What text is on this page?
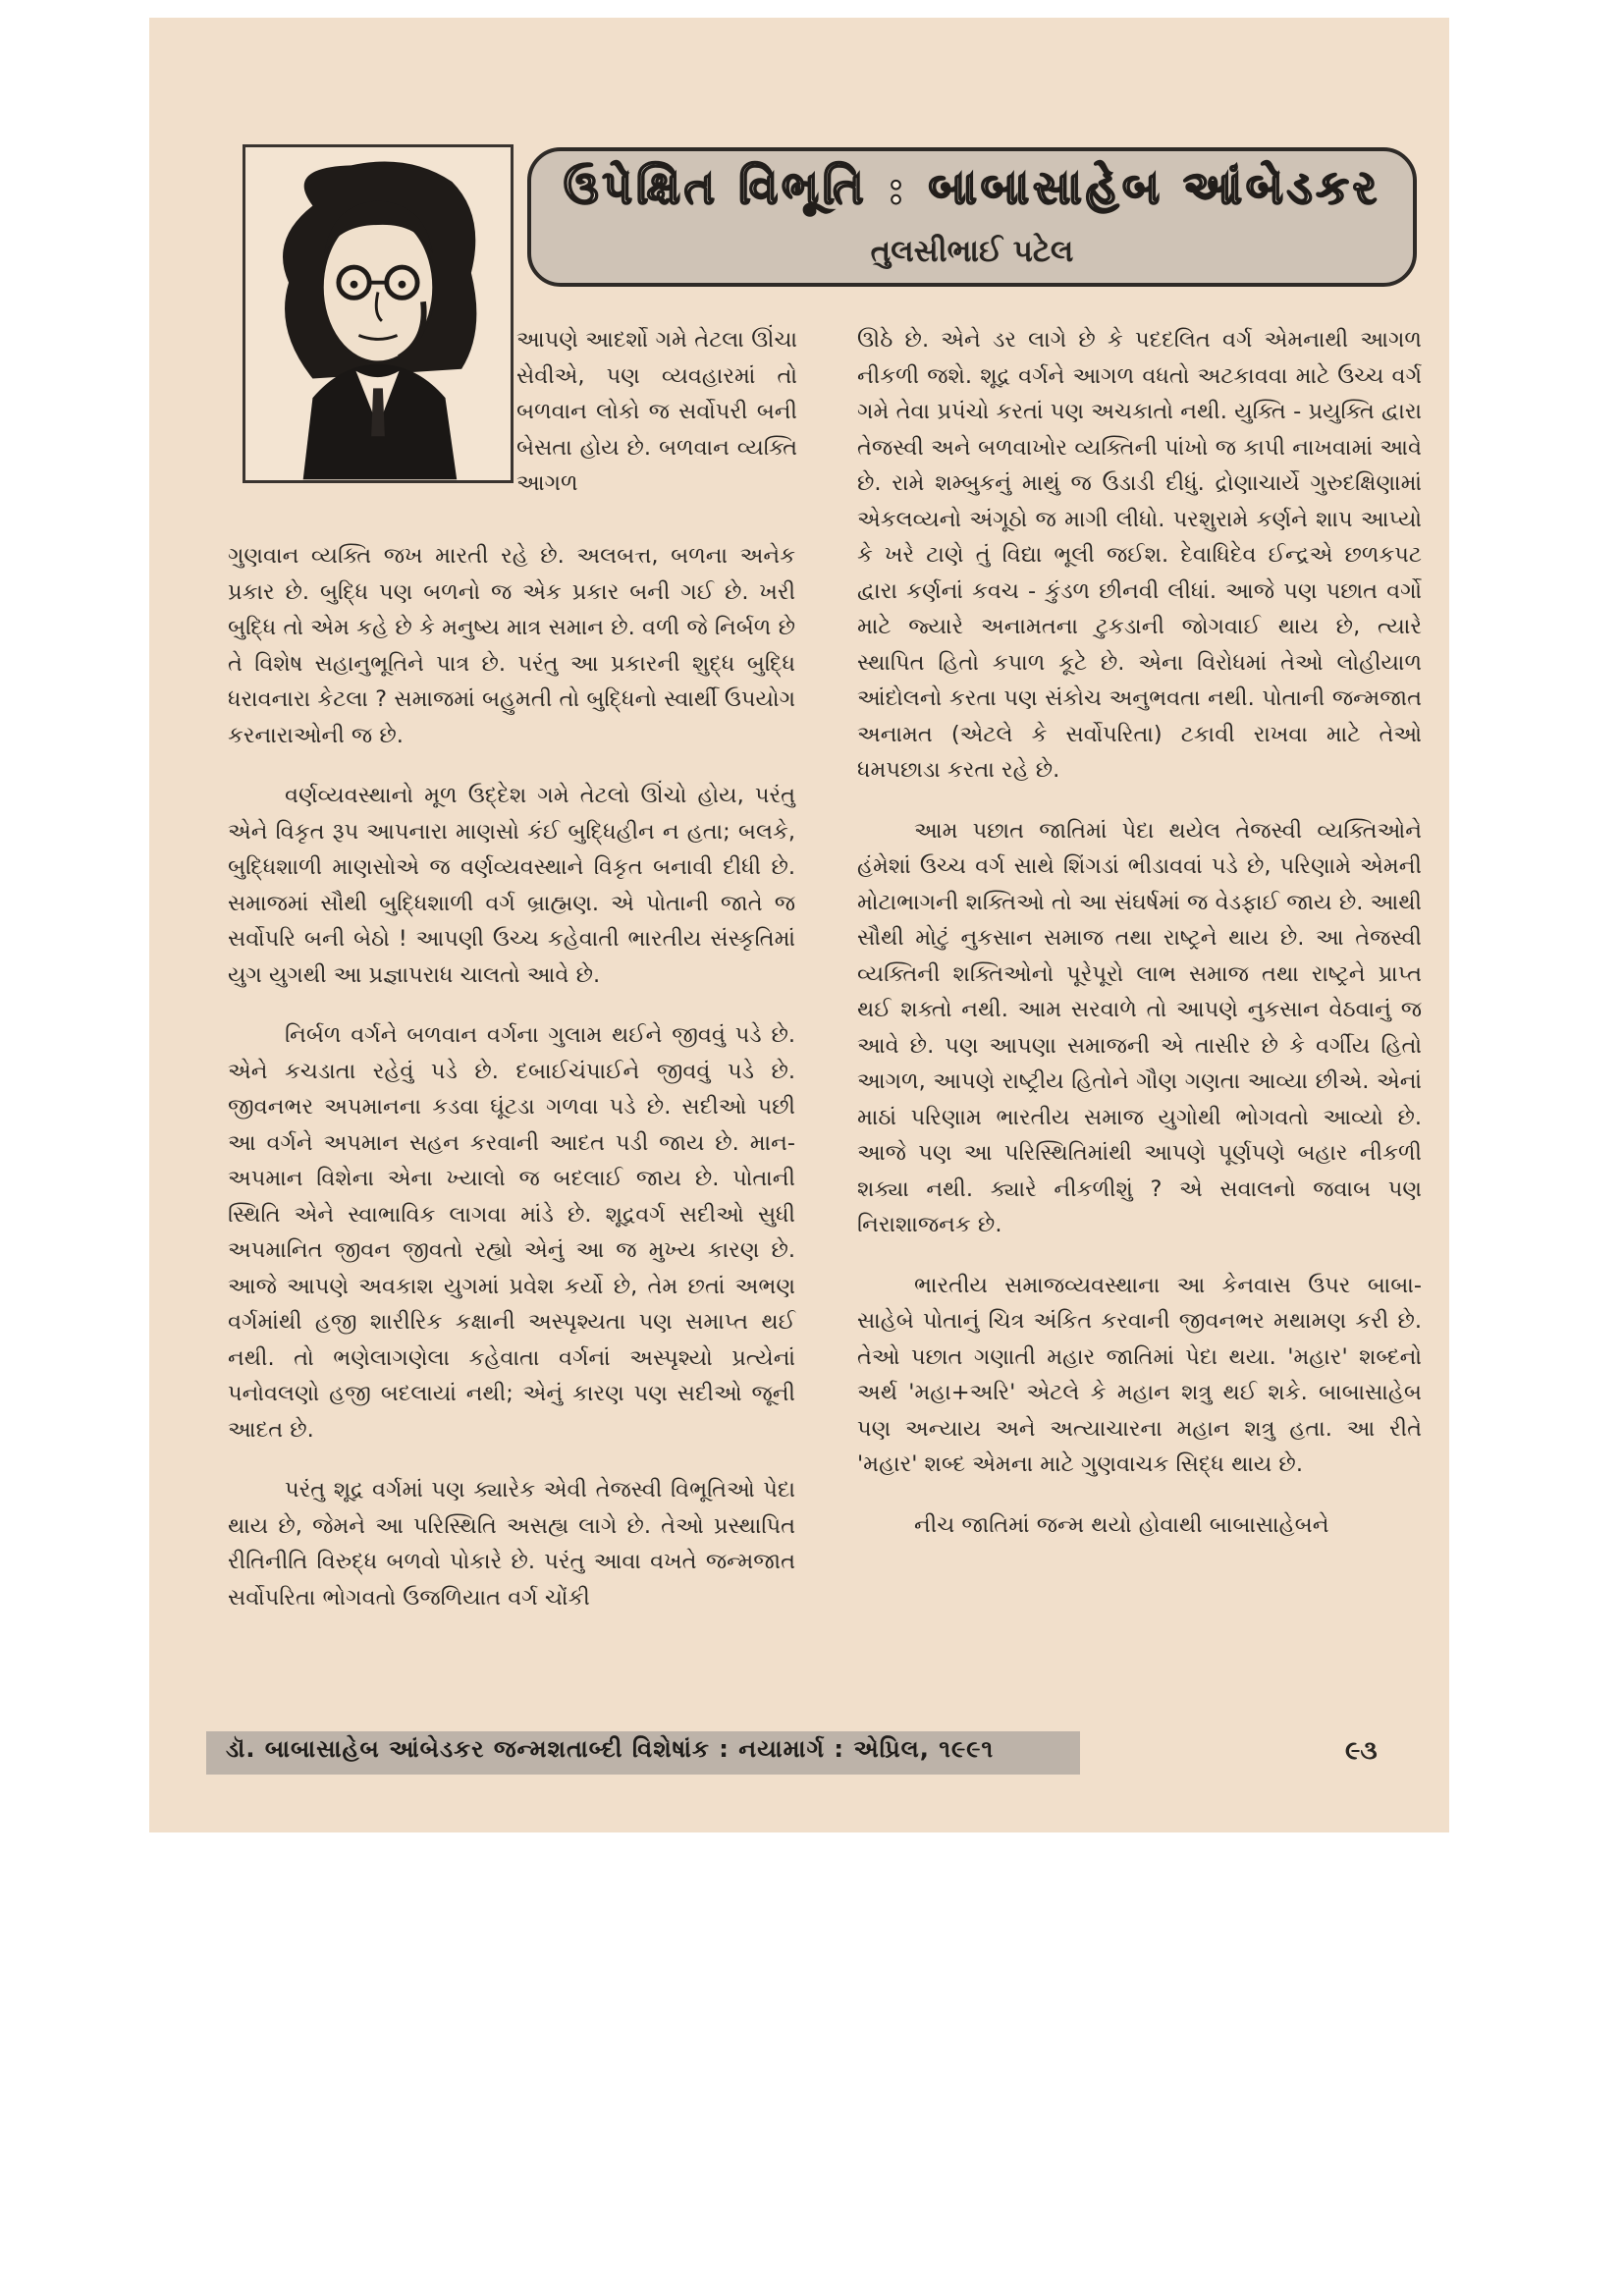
ઉપેક્ષિત વિભૂતિ : બાબાસાહેબ આંબેડકર
તુલસીભાઈ પટેલ
આપણે આદર્શો ગમે તેટલા ઊંચા સેવીએ, પણ વ્યવહારમાં તો બળવાન લોકો જ સર્વોપરી બની બેસતા હોય છે. બળવાન વ્યક્તિ આગળ

ગુણવાન વ્યક્તિ જખ મારતી રહે છે. અલબત્ત, બળના અનેક પ્રકાર છે. બુદ્ધિ પણ બળનો જ એક પ્રકાર બની ગઈ છે. ખરી બુદ્ધિ તો એમ કહે છે કે મનુષ્ય માત્ર સમાન છે. વળી જે નિર્બળ છે તે વિશેષ સહાનુભૂતિને પાત્ર છે. પરંતુ આ પ્રકારની શુદ્ધ બુદ્ધિ ધરાવનારા કેટલા ? સમાજમાં બહુમતી તો બુદ્ધિનો સ્વાર્થી ઉપયોગ કરનારાઓની જ છે.

વર્ણવ્યવસ્થાનો મૂળ ઉદ્દેશ ગમે તેટલો ઊંચો હોય, પરંતુ એને વિકૃત રૂપ આપનારા માણસો કંઈ બુદ્ધિહીન ન હતા; બલકે, બુદ્ધિશાળી માણસોએ જ વર્ણવ્યવસ્થાને વિકૃત બનાવી દીધી છે. સમાજમાં સૌથી બુદ્ધિશાળી વર્ગ બ્રાહ્મણ. એ પોતાની જાતે જ સર્વોપરિ બની બેઠો ! આપણી ઉચ્ચ કહેવાતી ભારતીય સંસ્કૃતિમાં યુગ યુગથી આ પ્રજ્ઞાપરાધ ચાલતો આવે છે.

નિર્બળ વર્ગને બળવાન વર્ગના ગુલામ થઈને જીવવું પડે છે. એને કચડાતા રહેવું પડે છે. દબાઈચંપાઈને જીવવું પડે છે. જીવનભર અપમાનના કડવા ઘૂંટડા ગળવા પડે છે. સદીઓ પછી આ વર્ગને અપમાન સહન કરવાની આદત પડી જાય છે. માન-અપમાન વિશેના એના ખ્યાલો જ બદલાઈ જાય છે. પોતાની સ્થિતિ એને સ્વાભાવિક લાગવા માંડે છે. શૂદ્રવર્ગ સદીઓ સુધી અપમાનિત જીવન જીવતો રહ્યો એનું આ જ મુખ્ય કારણ છે. આજે આપણે અવકાશ યુગમાં પ્રવેશ કર્યો છે, તેમ છતાં અભણ વર્ગમાંથી હજી શારીરિક કક્ષાની અસ્પૃશ્યતા પણ સમાપ્ત થઈ નથી. તો ભણેલાગણેલા કહેવાતા વર્ગનાં અસ્પૃશ્યો પ્રત્યેનાં પનોવલણો હજી બદલાયાં નથી; એનું કારણ પણ સદીઓ જૂની આદત છે.

પરંતુ શૂદ્ર વર્ગમાં પણ ક્યારેક એવી તેજસ્વી વિભૂતિઓ પેદા થાય છે, જેમને આ પરિસ્થિતિ અસહ્ય લાગે છે. તેઓ પ્રસ્થાપિત રીતિનીતિ વિરુદ્ધ બળવો પોકારે છે. પરંતુ આવા વખતે જન્મજાત સર્વોપરિતા ભોગવતો ઉજળિયાત વર્ગ ચોંકી

ઊઠે છે. એને ડર લાગે છે કે પદદલિત વર્ગ એમનાથી આગળ નીકળી જશે. શૂદ્ર વર્ગને આગળ વધતો અટકાવવા માટે ઉચ્ચ વર્ગ ગમે તેવા પ્રપંચો કરતાં પણ અચકાતો નથી. યુક્તિ - પ્રયુક્તિ દ્વારા તેજસ્વી અને બળવાખોર વ્યક્તિની પાંખો જ કાપી નાખવામાં આવે છે. રામે શમ્બુકનું માથું જ ઉડાડી દીધું. દ્રોણાચાર્યે ગુરુદક્ષિણામાં એકલવ્યનો અંગૂઠો જ માગી લીધો. પરશુરામે કર્ણને શાપ આપ્યો કે ખરે ટાણે તું વિદ્યા ભૂલી જઈશ. દેવાધિદેવ ઈન્દ્રએ છળકપટ દ્વારા કર્ણનાં કવચ - કુંડળ છીનવી લીધાં. આજે પણ પછાત વર્ગો માટે જ્યારે અનામતના ટુકડાની જોગવાઈ થાય છે, ત્યારે સ્થાપિત હિતો કપાળ કૂટે છે. એના વિરોધમાં તેઓ લોહીયાળ આંદોલનો કરતા પણ સંકોચ અનુભવતા નથી. પોતાની જન્મજાત અનામત (એટલે કે સર્વોપરિતા) ટકાવી રાખવા માટે તેઓ ધમપછાડા કરતા રહે છે.

આમ પછાત જાતિમાં પેદા થયેલ તેજસ્વી વ્યક્તિઓને હંમેશાં ઉચ્ચ વર્ગ સાથે શિંગડાં ભીડાવવાં પડે છે, પરિણામે એમની મોટાભાગની શક્તિઓ તો આ સંઘર્ષમાં જ વેડફાઈ જાય છે. આથી સૌથી મોટું નુકસાન સમાજ તથા રાષ્ટ્રને થાય છે. આ તેજસ્વી વ્યક્તિની શક્તિઓનો પૂરેપૂરો લાભ સમાજ તથા રાષ્ટ્રને પ્રાપ્ત થઈ શક્તો નથી. આમ સરવાળે તો આપણે નુકસાન વેઠવાનું જ આવે છે. પણ આપણા સમાજની એ તાસીર છે કે વર્ગીય હિતો આગળ, આપણે રાષ્ટ્રીય હિતોને ગૌણ ગણતા આવ્યા છીએ. એનાં માઠાં પરિણામ ભારતીય સમાજ યુગોથી ભોગવતો આવ્યો છે. આજે પણ આ પરિસ્થિતિમાંથી આપણે પૂર્ણપણે બહાર નીકળી શક્યા નથી. ક્યારે નીકળીશું ? એ સવાલનો જવાબ પણ નિરાશાજનક છે.

ભારતીય સમાજવ્યવસ્થાના આ કેનવાસ ઉપર બાબા-સાહેબે પોતાનું ચિત્ર અંકિત કરવાની જીવનભર મથામણ કરી છે. તેઓ પછાત ગણાતી મહાર જાતિમાં પેદા થયા. 'મહાર' શબ્દનો અર્થ 'મહા+અરિ' એટલે કે મહાન શત્રુ થઈ શકે. બાબાસાહેબ પણ અન્યાય અને અત્યાચારના મહાન શત્રુ હતા. આ રીતે 'મહાર' શબ્દ એમના માટે ગુણવાચક સિદ્ધ થાય છે.

નીચ જાતિમાં જન્મ થયો હોવાથી બાબાસાહેબને

ડૉ. બાબાસાહેબ આંબેડકર જન્મશતાબ્દી વિશેષાંક : નયામાર્ગ : એપ્રિલ, ૧૯૯૧	૯૩
